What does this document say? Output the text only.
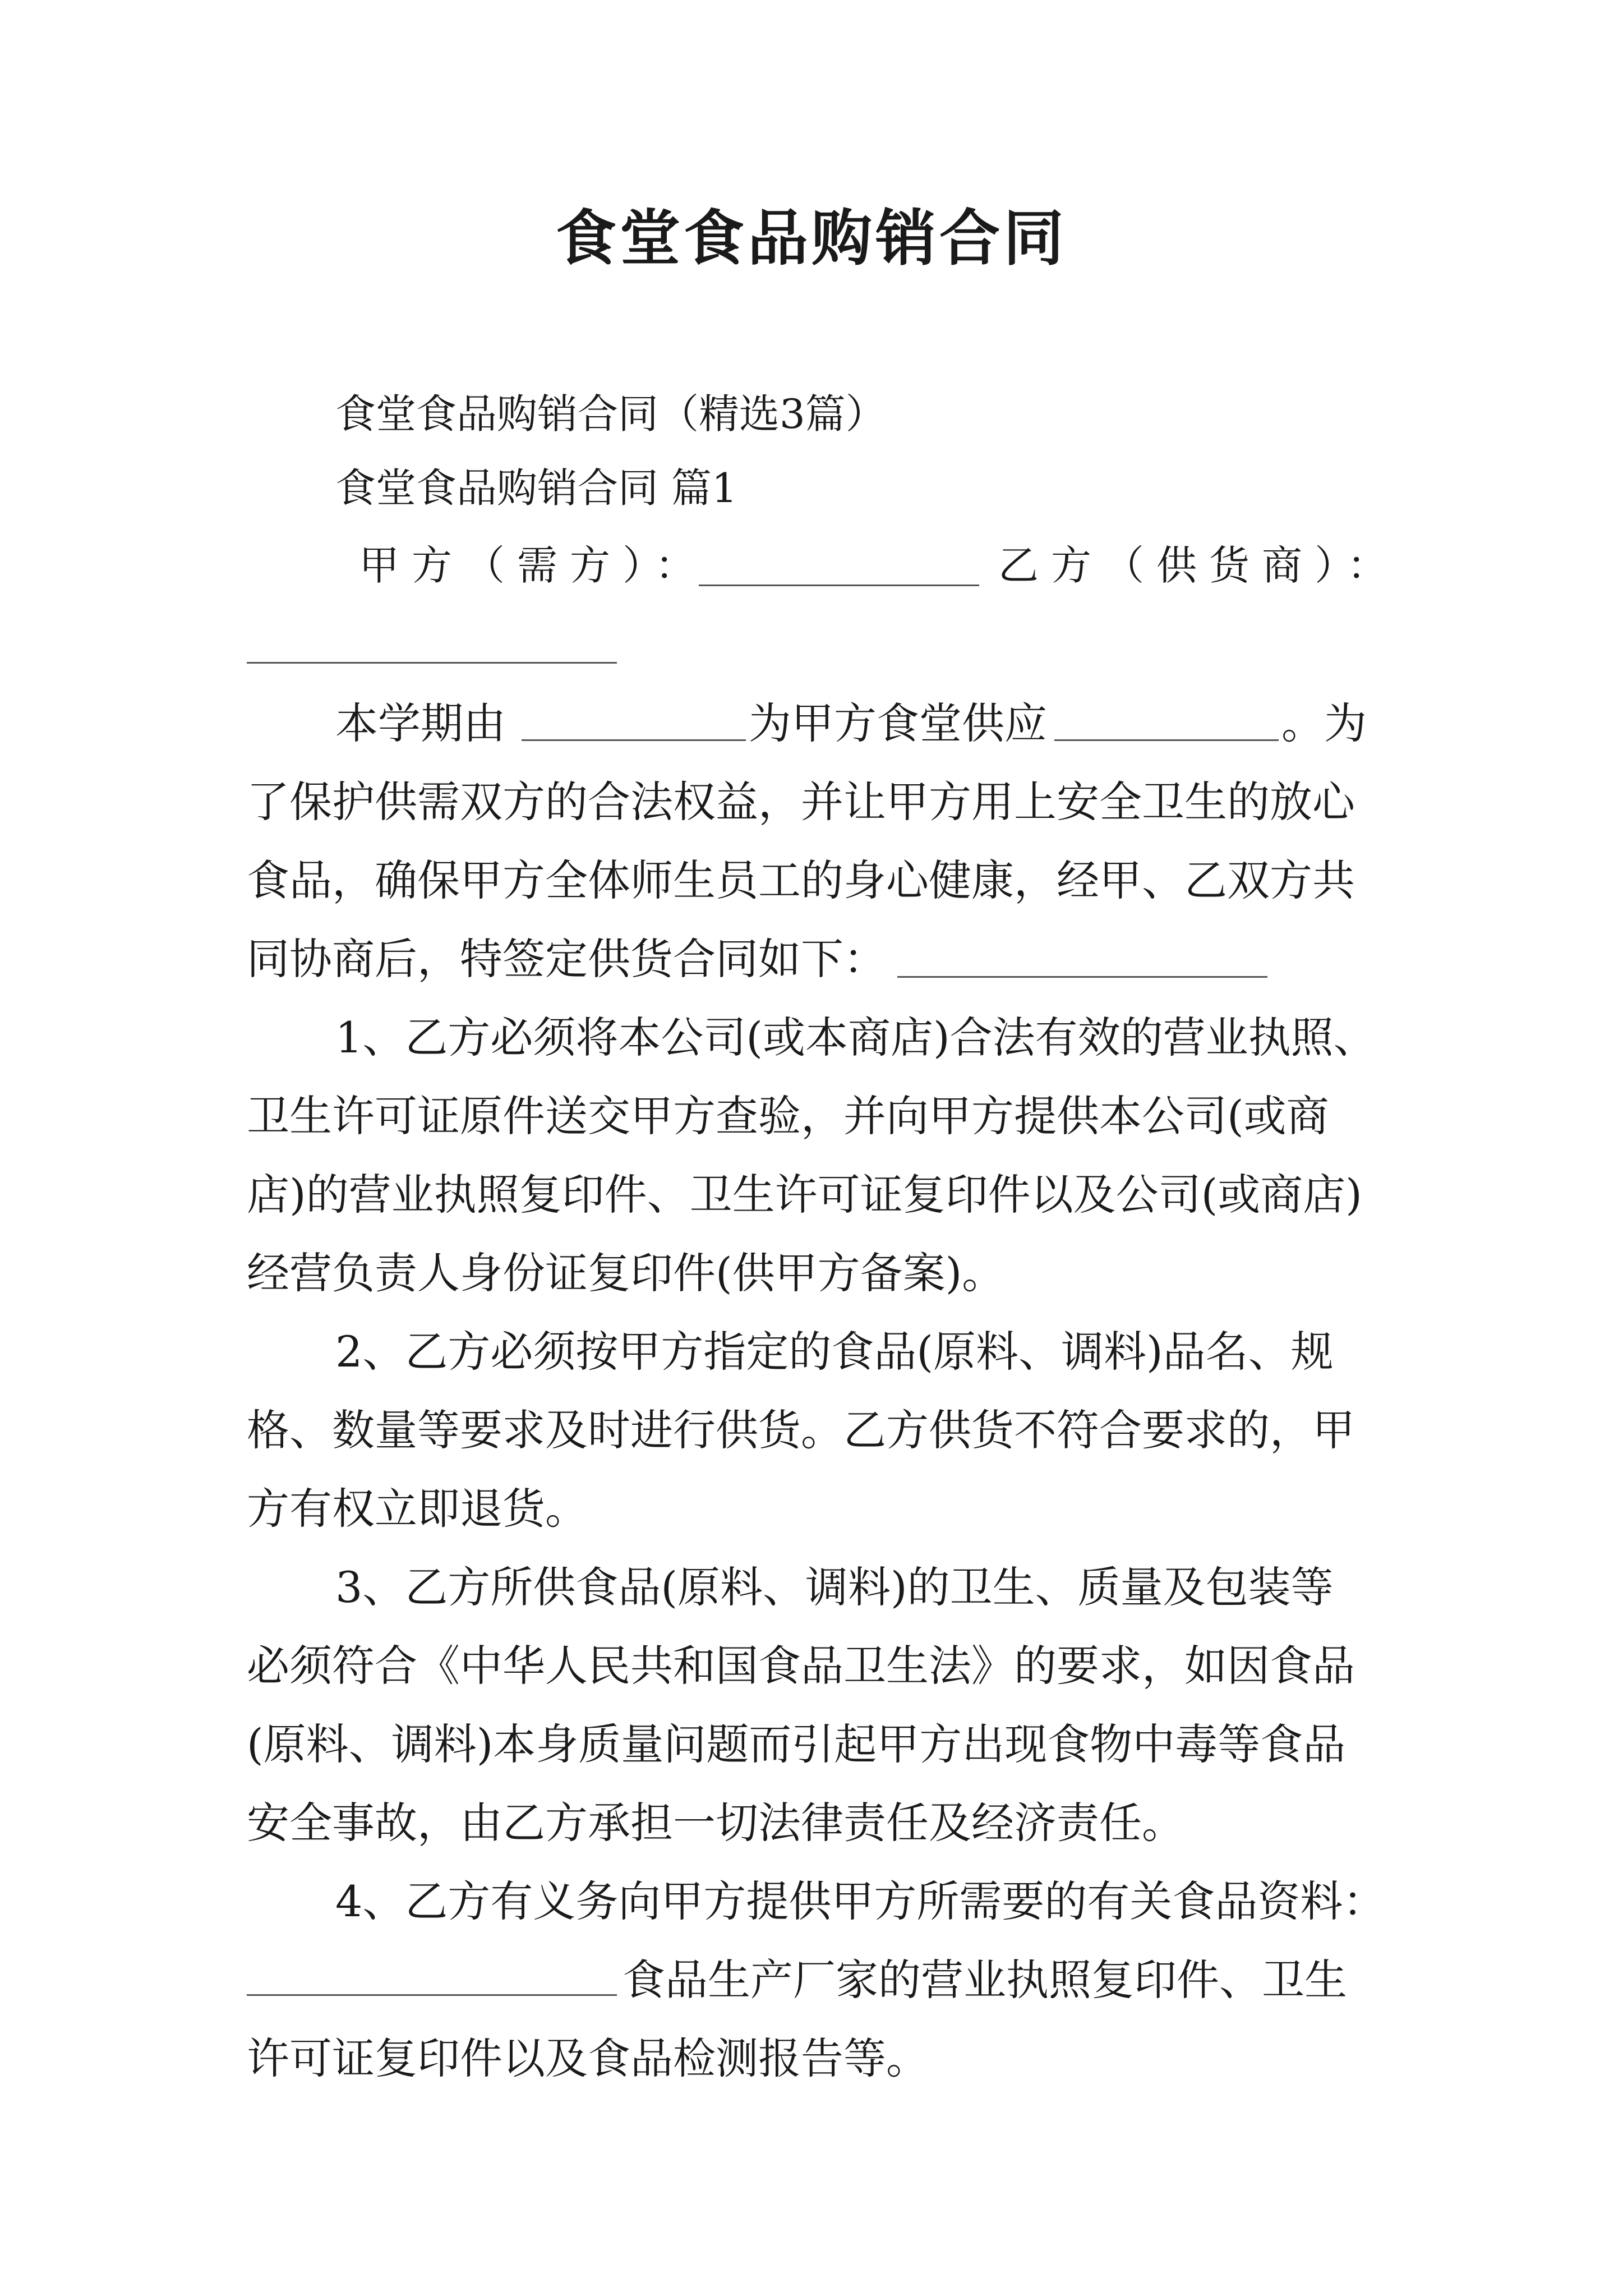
食堂食品购销合同
食堂食品购销合同（精选3篇）
食堂食品购销合同 篇1
甲方（需方）：	乙方（供货商）：
本学期由	为甲方食堂供应	。为
了保护供需双方的合法权益，并让甲方用上安全卫生的放心
食品，确保甲方全体师生员工的身心健康，经甲、乙双方共
同协商后，特签定供货合同如下：
1、乙方必须将本公司(或本商店)合法有效的营业执照、
卫生许可证原件送交甲方查验，并向甲方提供本公司(或商
店)的营业执照复印件、卫生许可证复印件以及公司(或商店)
经营负责人身份证复印件(供甲方备案)。
2、乙方必须按甲方指定的食品(原料、调料)品名、规
格、数量等要求及时进行供货。乙方供货不符合要求的，甲
方有权立即退货。
3、乙方所供食品(原料、调料)的卫生、质量及包装等
必须符合《中华人民共和国食品卫生法》的要求，如因食品
(原料、调料)本身质量问题而引起甲方出现食物中毒等食品
安全事故，由乙方承担一切法律责任及经济责任。
4、乙方有义务向甲方提供甲方所需要的有关食品资料：
食品生产厂家的营业执照复印件、卫生
许可证复印件以及食品检测报告等。
